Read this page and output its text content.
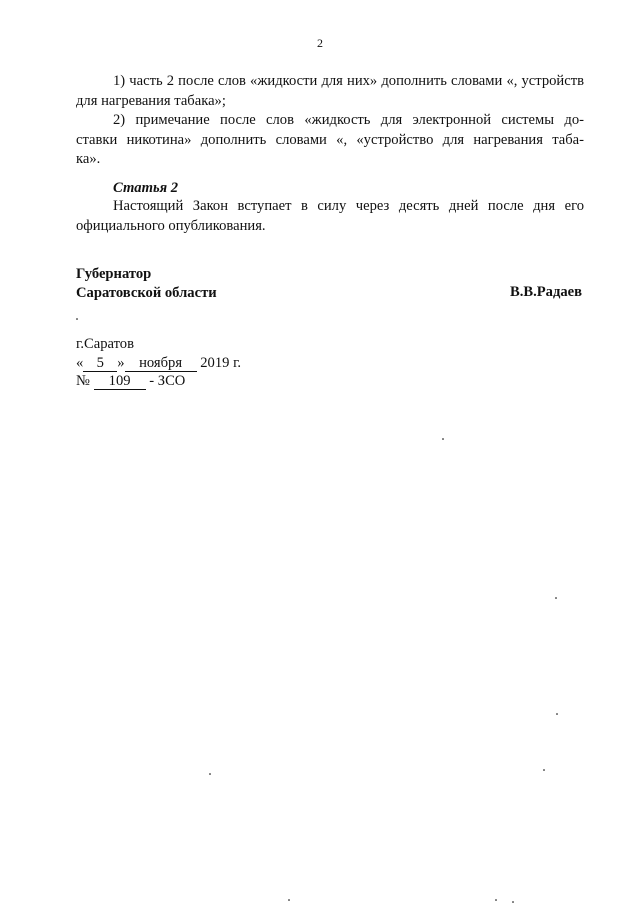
2

1) часть 2 после слов «жидкости для них» дополнить словами «, устройств для нагревания табака»;

2) примечание после слов «жидкость для электронной системы до-
ставки никотина» дополнить словами «, «устройство для нагревания таба-
ка».
Статья 2

Настоящий Закон вступает в силу через десять дней после дня его официального опубликования.

Губернатор
Саратовской области	В.В.Радаев
г.Саратов
« 5 » ноября 2019 г.
№ 109 - ЗСО
